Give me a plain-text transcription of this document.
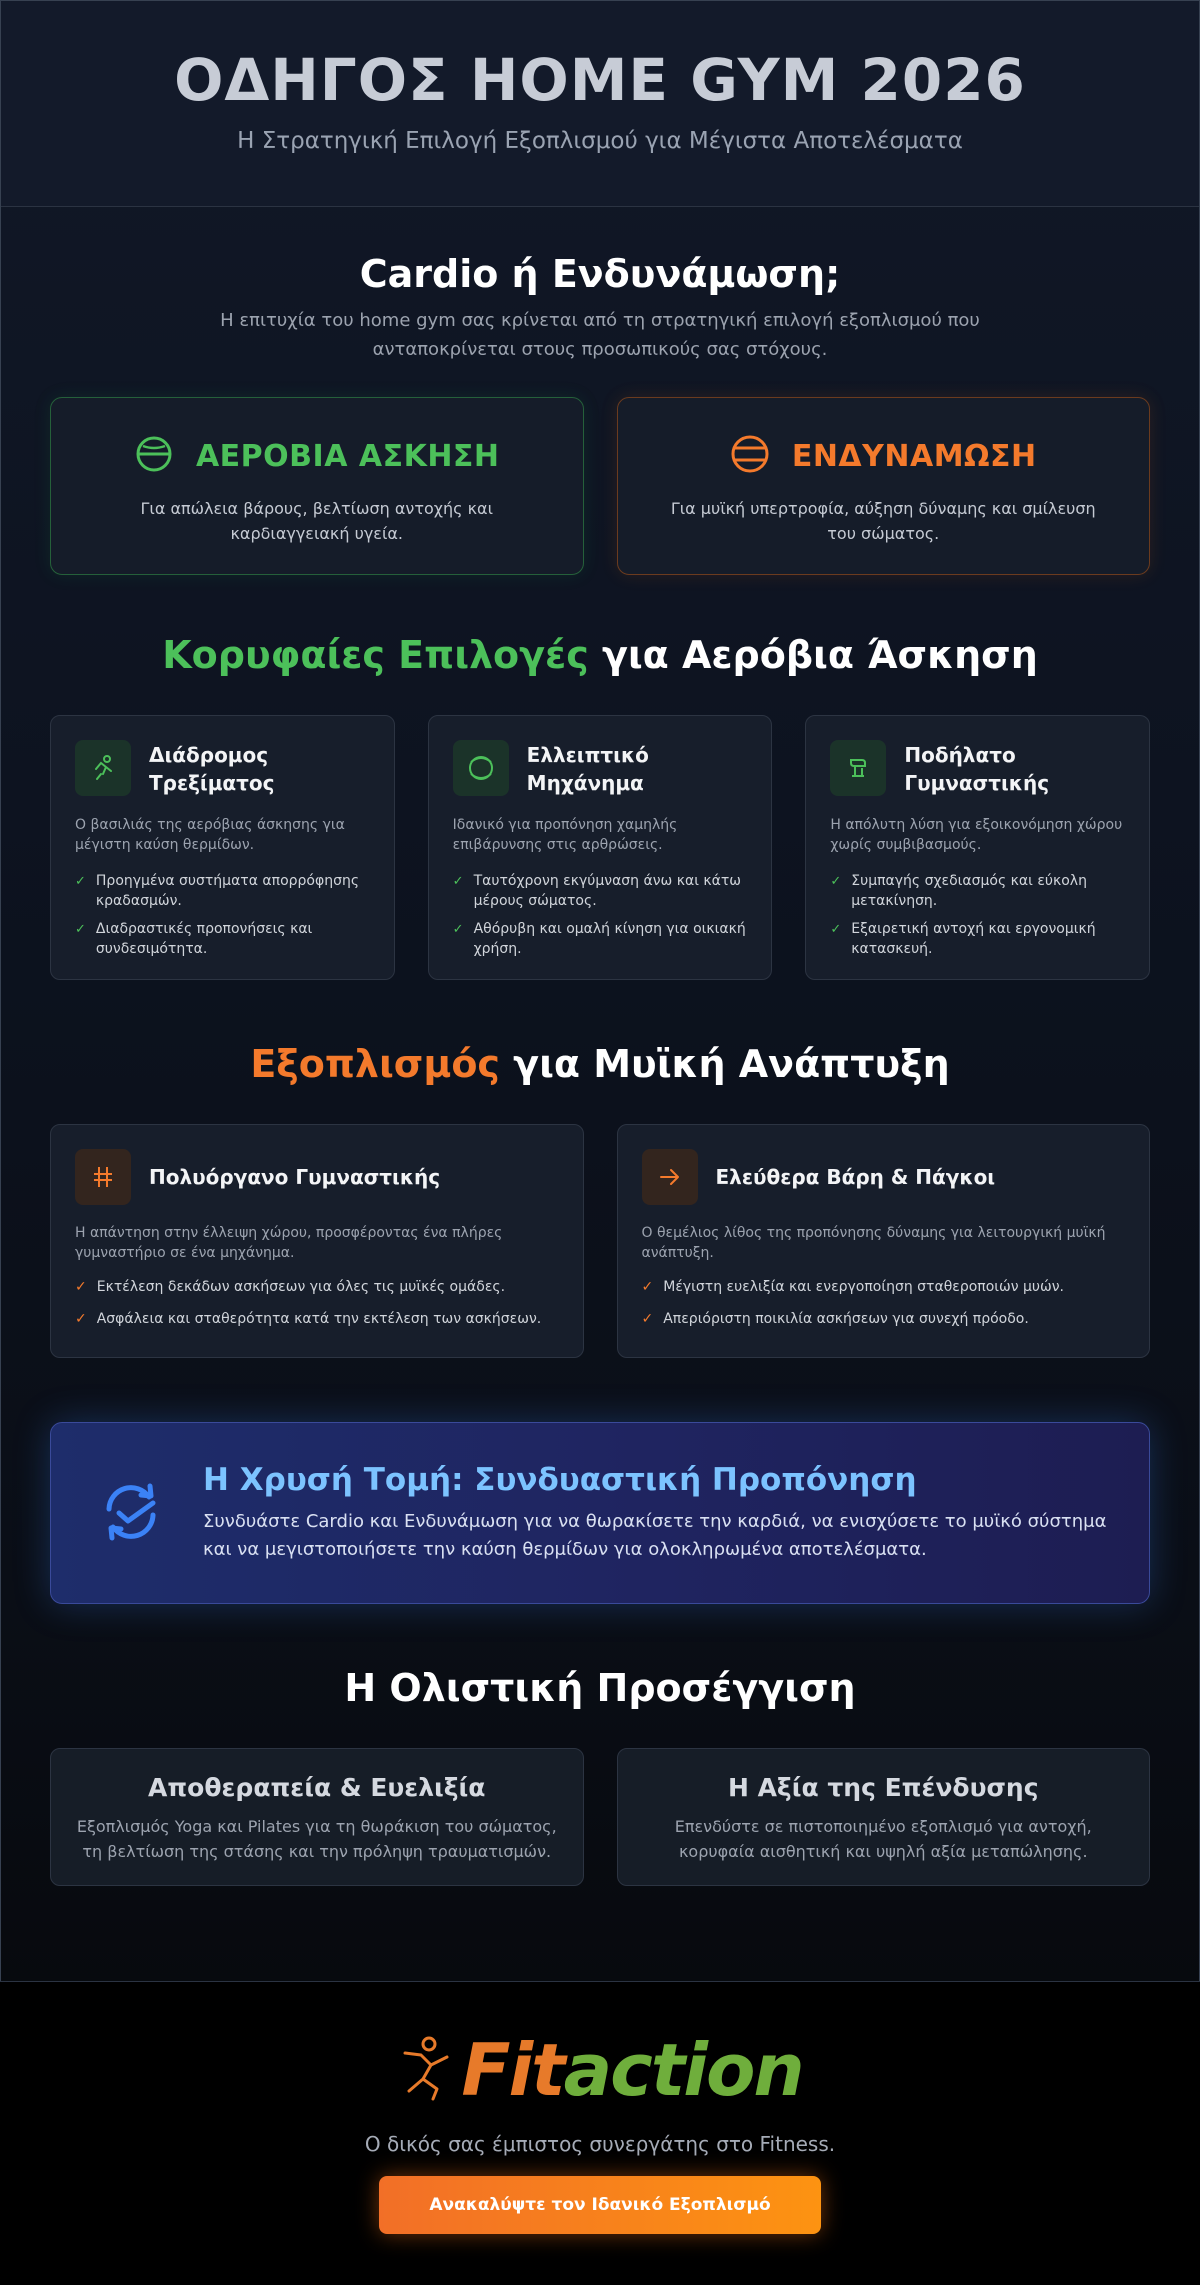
ΟΔΗΓΟΣ HOME GYM 2026

Η Στρατηγική Επιλογή Εξοπλισμού για Μέγιστα Αποτελέσματα

Cardio ή Ενδυνάμωση;

Η επιτυχία του home gym σας κρίνεται από τη στρατηγική επιλογή εξοπλισμού που ανταποκρίνεται στους προσωπικούς σας στόχους.

ΑΕΡΟΒΙΑ ΑΣΚΗΣΗ

Για απώλεια βάρους, βελτίωση αντοχής και καρδιαγγειακή υγεία.

ΕΝΔΥΝΑΜΩΣΗ

Για μυϊκή υπερτροφία, αύξηση δύναμης και σμίλευση του σώματος.

Κορυφαίες Επιλογές για Αερόβια Άσκηση
Διάδρομος Τρεξίματος

Ο βασιλιάς της αερόβιας άσκησης για μέγιστη καύση θερμίδων.

✓ Προηγμένα συστήματα απορρόφησης κραδασμών.
✓ Διαδραστικές προπονήσεις και συνδεσιμότητα.
Ελλειπτικό Μηχάνημα

Ιδανικό για προπόνηση χαμηλής επιβάρυνσης στις αρθρώσεις.

✓ Ταυτόχρονη εκγύμναση άνω και κάτω μέρους σώματος.
✓ Αθόρυβη και ομαλή κίνηση για οικιακή χρήση.
Ποδήλατο Γυμναστικής

Η απόλυτη λύση για εξοικονόμηση χώρου χωρίς συμβιβασμούς.

✓ Συμπαγής σχεδιασμός και εύκολη μετακίνηση.
✓ Εξαιρετική αντοχή και εργονομική κατασκευή.
Εξοπλισμός για Μυϊκή Ανάπτυξη
Πολυόργανο Γυμναστικής

Η απάντηση στην έλλειψη χώρου, προσφέροντας ένα πλήρες γυμναστήριο σε ένα μηχάνημα.

✓ Εκτέλεση δεκάδων ασκήσεων για όλες τις μυϊκές ομάδες.
✓ Ασφάλεια και σταθερότητα κατά την εκτέλεση των ασκήσεων.
Ελεύθερα Βάρη & Πάγκοι

Ο θεμέλιος λίθος της προπόνησης δύναμης για λειτουργική μυϊκή ανάπτυξη.

✓ Μέγιστη ευελιξία και ενεργοποίηση σταθεροποιών μυών.
✓ Απεριόριστη ποικιλία ασκήσεων για συνεχή πρόοδο.
Η Χρυσή Τομή: Συνδυαστική Προπόνηση

Συνδυάστε Cardio και Ενδυνάμωση για να θωρακίσετε την καρδιά, να ενισχύσετε το μυϊκό σύστημα και να μεγιστοποιήσετε την καύση θερμίδων για ολοκληρωμένα αποτελέσματα.

Η Ολιστική Προσέγγιση
Αποθεραπεία & Ευελιξία

Εξοπλισμός Yoga και Pilates για τη θωράκιση του σώματος, τη βελτίωση της στάσης και την πρόληψη τραυματισμών.

Η Αξία της Επένδυσης

Επενδύστε σε πιστοποιημένο εξοπλισμό για αντοχή, κορυφαία αισθητική και υψηλή αξία μεταπώλησης.

Fit action

Ο δικός σας έμπιστος συνεργάτης στο Fitness.

Ανακαλύψτε τον Ιδανικό Εξοπλισμό
